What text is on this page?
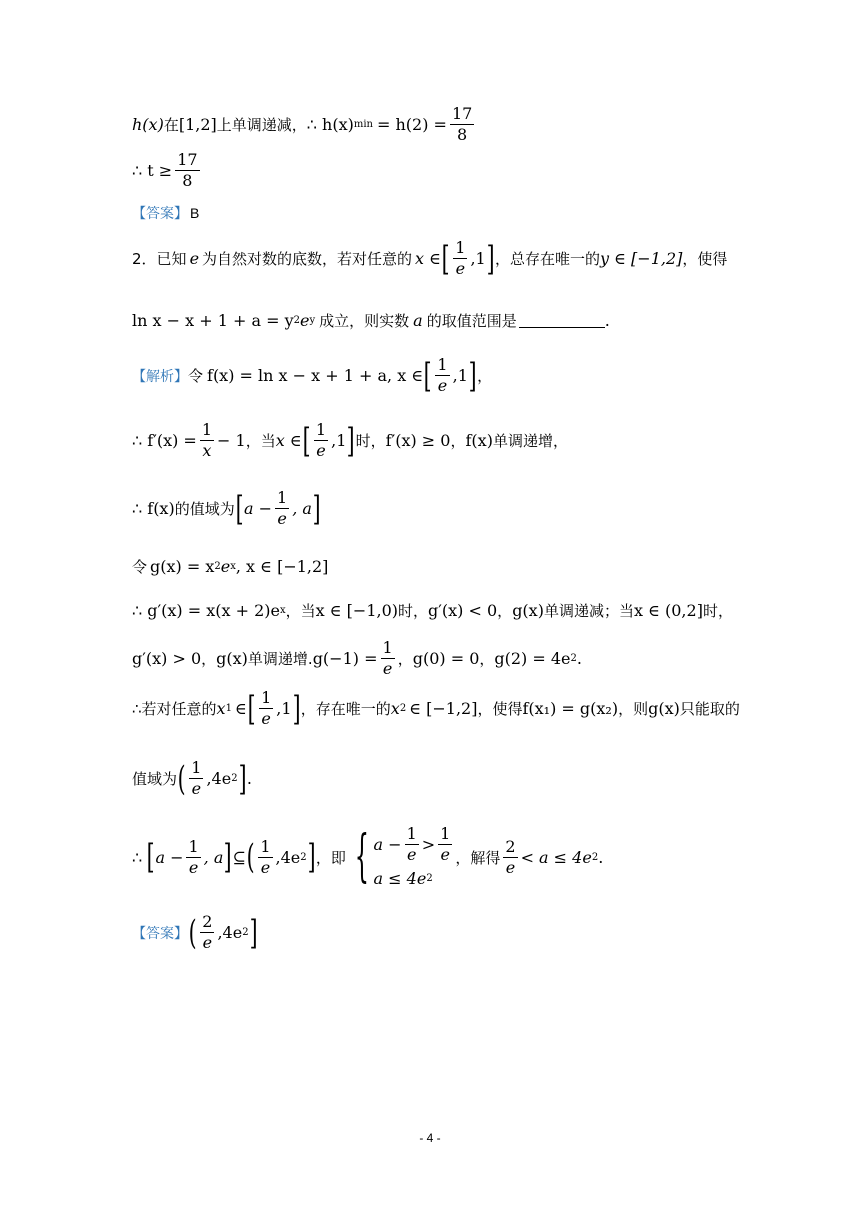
h(x) 在 [1,2] 上单调递减， ∴ h(x) $\min = h(2) = \frac{17}{8}$
∴ $t \ge \frac{17}{8}$
【答案】 B
2． 已知 e 为自然对数的底数，若对任意的 x ∈ [ $\frac{1}{e} ,1$ ] ，总存在唯一的 y ∈ [−1,2] ，使得
ln x − x + 1 + a = y 2 e y 成立，则实数 a 的取值范围是	.
【解析】 令 f(x) = ln x − x + 1 + a, x ∈ [ $\frac{1}{e} ,1$ ] ，
∴ $f'(x) = \frac{1}{x} - 1$ ，当 x ∈ [ $\frac{1}{e} ,1$ ] 时， f′(x) ≥ 0 ， f(x) 单调递增，
∴ f(x) 的值域为 [ $a - \frac{1}{e}$ , a ]
令 g(x) = x 2 e x , x ∈ [−1,2]
∴ g′(x) = x(x + 2)e x ，当 x ∈ [−1,0) 时， g′(x) < 0 ， g(x) 单调递减； 当 x ∈ (0,2] 时，
g′(x) > 0 ， g(x) 单调递增. $g(-1) = \frac{1}{e}$ ， g(0) = 0 ， g(2) = 4e 2 .
∴若对任意的 x 1 ∈ [ $\frac{1}{e} ,1$ ] ，存在唯一的 x 2 ∈ [−1,2] ，使得 f(x₁) = g(x₂) ，则 g(x) 只能取的
值域为 ( $\frac{1}{e} ,4e$ 2 ] .
∴ [ $a - \frac{1}{e}$ , a ] ⊆ ( $\frac{1}{e} ,4e$ 2 ] ，即 { $a - \frac{1}{e} > \frac{1}{e}$
a ≤ 4e 2
，解得 $\frac{2}{e} < a \le 4e$ 2 .
【答案】 ( $\frac{2}{e} ,4e$ 2 ]
- 4 -
